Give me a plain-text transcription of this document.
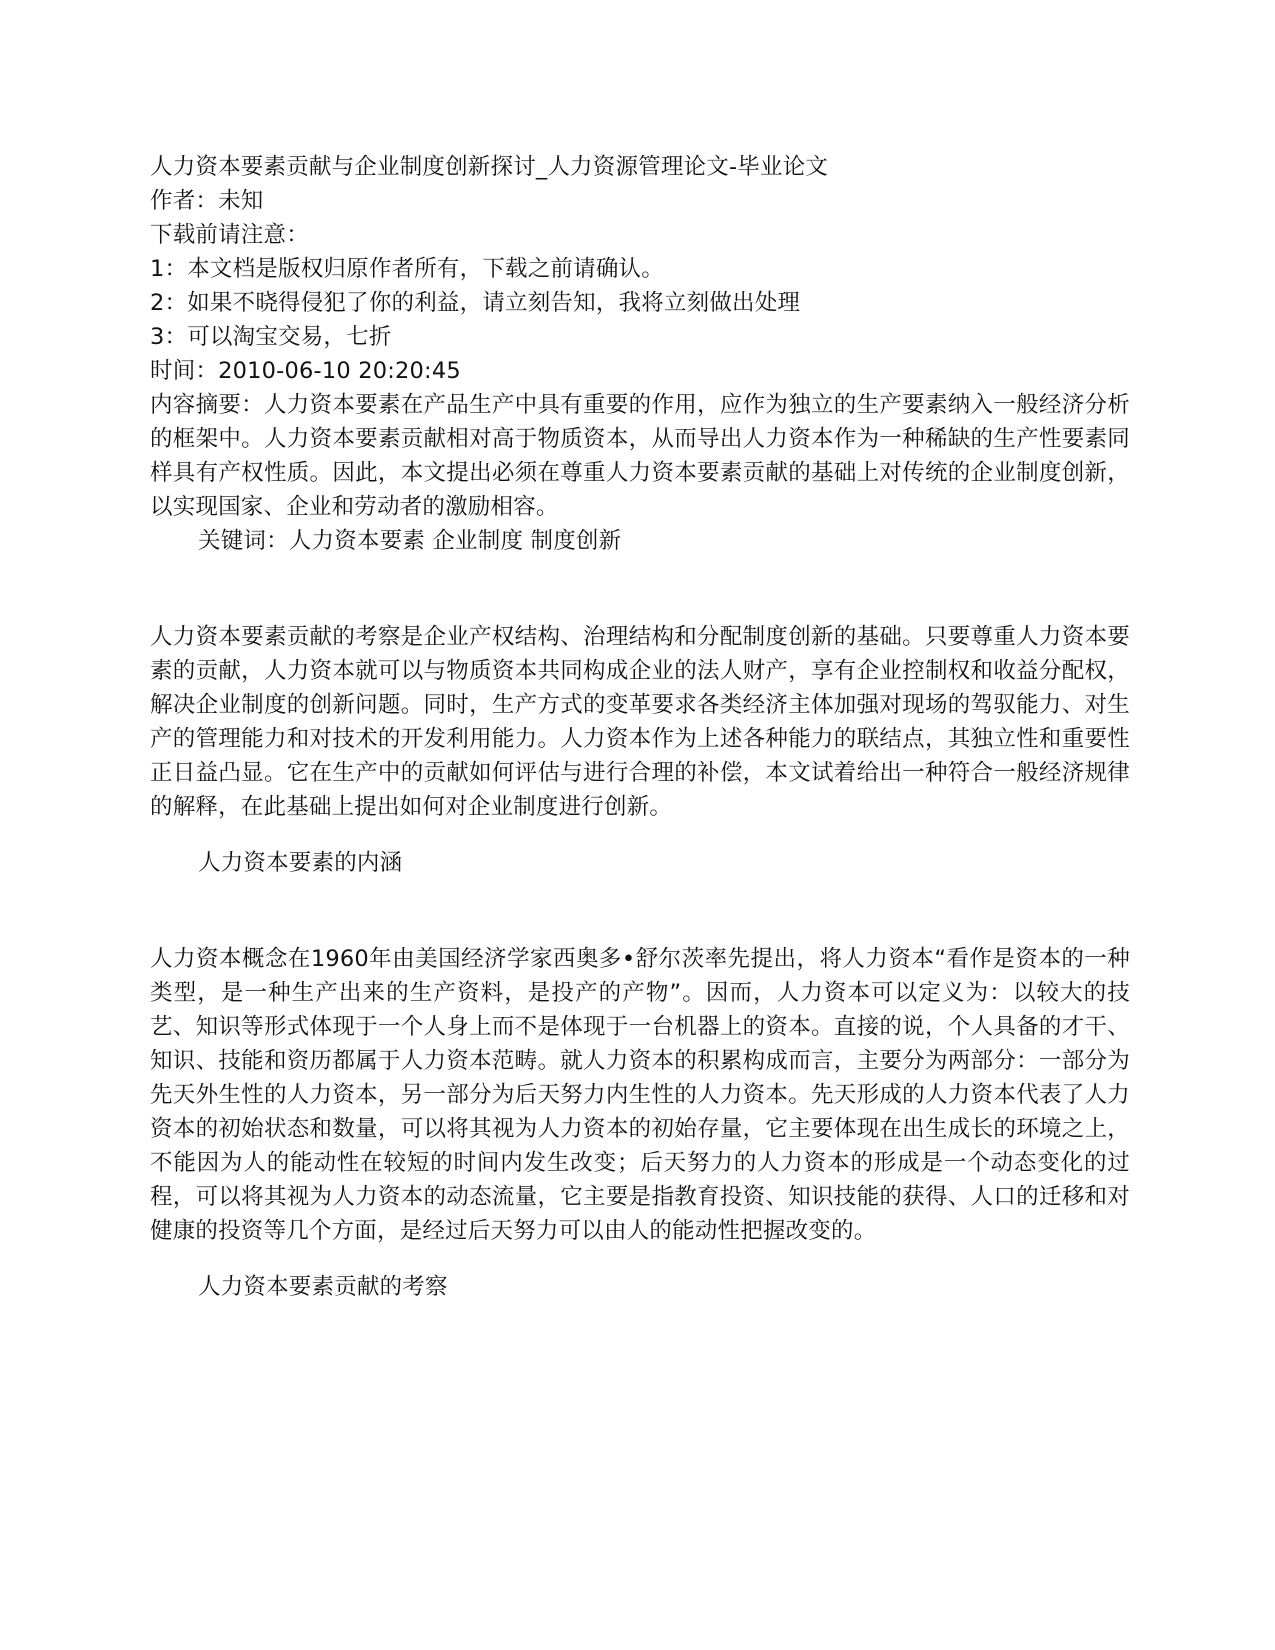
人力资本要素贡献与企业制度创新探讨_人力资源管理论文-毕业论文

作者：未知

下载前请注意：

1：本文档是版权归原作者所有，下载之前请确认。

2：如果不晓得侵犯了你的利益，请立刻告知，我将立刻做出处理

3：可以淘宝交易，七折

时间：2010-06-10 20:20:45

内容摘要：人力资本要素在产品生产中具有重要的作用，应作为独立的生产要素纳入一般经济分析的框架中。人力资本要素贡献相对高于物质资本，从而导出人力资本作为一种稀缺的生产性要素同样具有产权性质。因此，本文提出必须在尊重人力资本要素贡献的基础上对传统的企业制度创新，以实现国家、企业和劳动者的激励相容。

关键词：人力资本要素 企业制度 制度创新

人力资本要素贡献的考察是企业产权结构、治理结构和分配制度创新的基础。只要尊重人力资本要素的贡献，人力资本就可以与物质资本共同构成企业的法人财产，享有企业控制权和收益分配权，解决企业制度的创新问题。同时，生产方式的变革要求各类经济主体加强对现场的驾驭能力、对生产的管理能力和对技术的开发利用能力。人力资本作为上述各种能力的联结点，其独立性和重要性正日益凸显。它在生产中的贡献如何评估与进行合理的补偿，本文试着给出一种符合一般经济规律的解释，在此基础上提出如何对企业制度进行创新。

人力资本要素的内涵

人力资本概念在1960年由美国经济学家西奥多•舒尔茨率先提出，将人力资本“看作是资本的一种类型，是一种生产出来的生产资料，是投产的产物”。因而，人力资本可以定义为：以较大的技艺、知识等形式体现于一个人身上而不是体现于一台机器上的资本。直接的说，个人具备的才干、知识、技能和资历都属于人力资本范畴。就人力资本的积累构成而言，主要分为两部分：一部分为先天外生性的人力资本，另一部分为后天努力内生性的人力资本。先天形成的人力资本代表了人力资本的初始状态和数量，可以将其视为人力资本的初始存量，它主要体现在出生成长的环境之上，不能因为人的能动性在较短的时间内发生改变；后天努力的人力资本的形成是一个动态变化的过程，可以将其视为人力资本的动态流量，它主要是指教育投资、知识技能的获得、人口的迁移和对健康的投资等几个方面，是经过后天努力可以由人的能动性把握改变的。

人力资本要素贡献的考察
